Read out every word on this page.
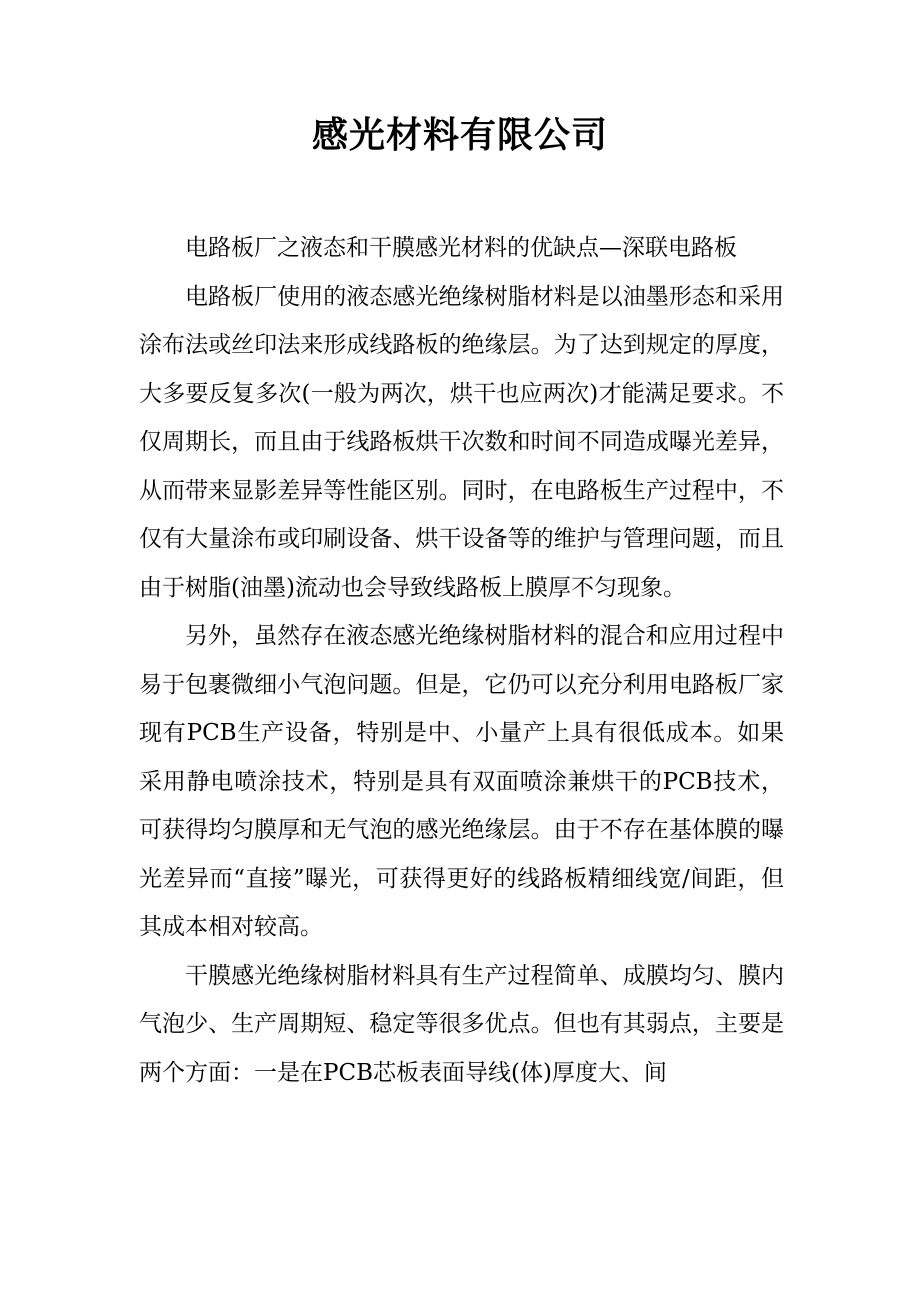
感光材料有限公司

电路板厂之液态和干膜感光材料的优缺点—深联电路板

电路板厂使用的液态感光绝缘树脂材料是以油墨形态和采用涂布法或丝印法来形成线路板的绝缘层。为了达到规定的厚度，大多要反复多次(一般为两次，烘干也应两次)才能满足要求。不仅周期长，而且由于线路板烘干次数和时间不同造成曝光差异，从而带来显影差异等性能区别。同时，在电路板生产过程中，不仅有大量涂布或印刷设备、烘干设备等的维护与管理问题，而且由于树脂(油墨)流动也会导致线路板上膜厚不匀现象。

另外，虽然存在液态感光绝缘树脂材料的混合和应用过程中易于包裹微细小气泡问题。但是，它仍可以充分利用电路板厂家现有PCB生产设备，特别是中、小量产上具有很低成本。如果采用静电喷涂技术，特别是具有双面喷涂兼烘干的PCB技术，可获得均匀膜厚和无气泡的感光绝缘层。由于不存在基体膜的曝光差异而“直接”曝光，可获得更好的线路板精细线宽/间距，但其成本相对较高。

干膜感光绝缘树脂材料具有生产过程简单、成膜均匀、膜内气泡少、生产周期短、稳定等很多优点。但也有其弱点，主要是两个方面：一是在PCB芯板表面导线(体)厚度大、间
